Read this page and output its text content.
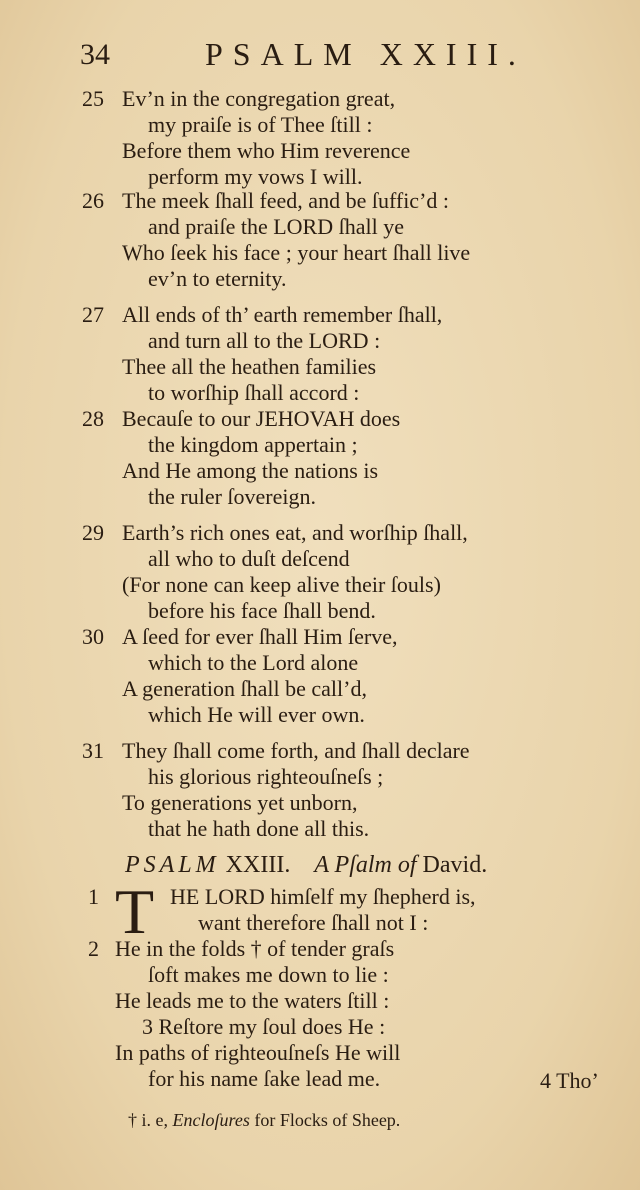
34	PSALM XXIII.
25 Ev’n in the congregation great,
my praiſe is of Thee ſtill :
Before them who Him reverence
perform my vows I will.
26 The meek ſhall feed, and be ſuffic’d :
and praiſe the LORD ſhall ye
Who ſeek his face ; your heart ſhall live
ev’n to eternity.
27 All ends of th’ earth remember ſhall,
and turn all to the LORD :
Thee all the heathen families
to worſhip ſhall accord :
28 Becauſe to our JEHOVAH does
the kingdom appertain ;
And He among the nations is
the ruler ſovereign.
29 Earth’s rich ones eat, and worſhip ſhall,
all who to duſt deſcend
(For none can keep alive their ſouls)
before his face ſhall bend.
30 A ſeed for ever ſhall Him ſerve,
which to the Lord alone
A generation ſhall be call’d,
which He will ever own.
31 They ſhall come forth, and ſhall declare
his glorious righteouſneſs ;
To generations yet unborn,
that he hath done all this.
PSALM XXIII. A Pſalm of David.
1 T HE LORD himſelf my ſhepherd is,
want therefore ſhall not I :
2 He in the folds † of tender graſs
ſoft makes me down to lie :
He leads me to the waters ſtill :
3 Reſtore my ſoul does He :
In paths of righteouſneſs He will
for his name ſake lead me.	4 Tho’
† i. e, Encloſures for Flocks of Sheep.
